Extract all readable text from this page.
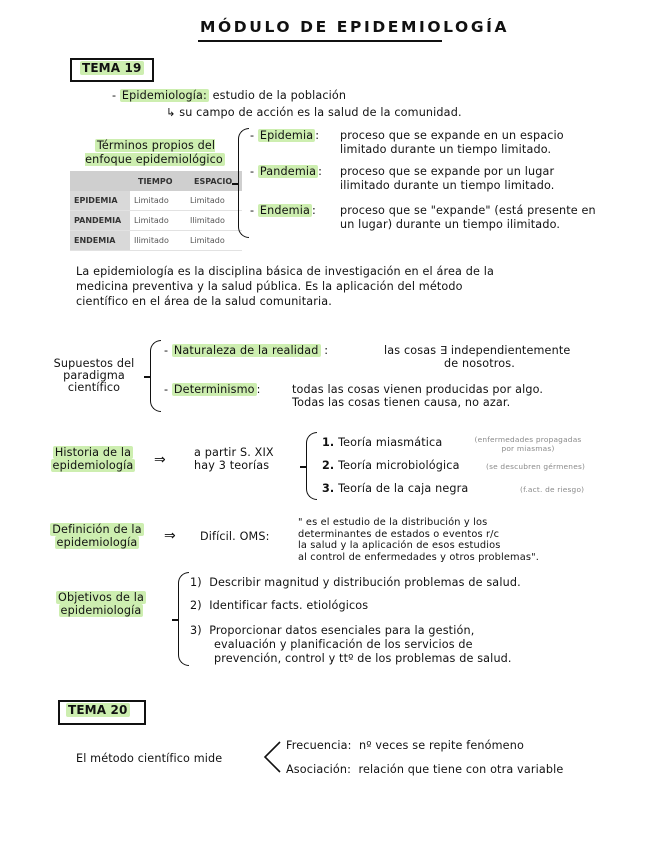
MÓDULO DE EPIDEMIOLOGÍA
TEMA 19
- Epidemiología: estudio de la población
↳ su campo de acción es la salud de la comunidad.
Términos propios del enfoque epidemiológico
	TIEMPO	ESPACIO
EPIDEMIA	Limitado	Limitado
PANDEMIA	Limitado	Ilimitado
ENDEMIA	Ilimitado	Limitado
- Epidemia : proceso que se expande en un espacio
limitado durante un tiempo limitado.
- Pandemia : proceso que se expande por un lugar
ilimitado durante un tiempo limitado.
- Endemia : proceso que se "expande" (está presente en
un lugar) durante un tiempo ilimitado.
La epidemiología es la disciplina básica de investigación en el área de la
medicina preventiva y la salud pública. Es la aplicación del método
científico en el área de la salud comunitaria.
Supuestos del
paradigma
científico
- Naturaleza de la realidad :	las cosas ∃ independientemente
de nosotros.
- Determinismo :	todas las cosas vienen producidas por algo.
Todas las cosas tienen causa, no azar.
Historia de la
epidemiología	⇒	a partir S. XIX
hay 3 teorías
1. Teoría miasmática	(enfermedades propagadas por miasmas)
2. Teoría microbiológica	(se descubren gérmenes)
3. Teoría de la caja negra	(f.act. de riesgo)
Definición de la
epidemiología	⇒ Difícil. OMS:
" es el estudio de la distribución y los
determinantes de estados o eventos r/c
la salud y la aplicación de esos estudios
al control de enfermedades y otros problemas".
Objetivos de la
epidemiología
1) Describir magnitud y distribución problemas de salud.
2) Identificar facts. etiológicos
3) Proporcionar datos esenciales para la gestión,
evaluación y planificación de los servicios de
prevención, control y ttº de los problemas de salud.
TEMA 20
El método científico mide
Frecuencia: nº veces se repite fenómeno
Asociación: relación que tiene con otra variable
